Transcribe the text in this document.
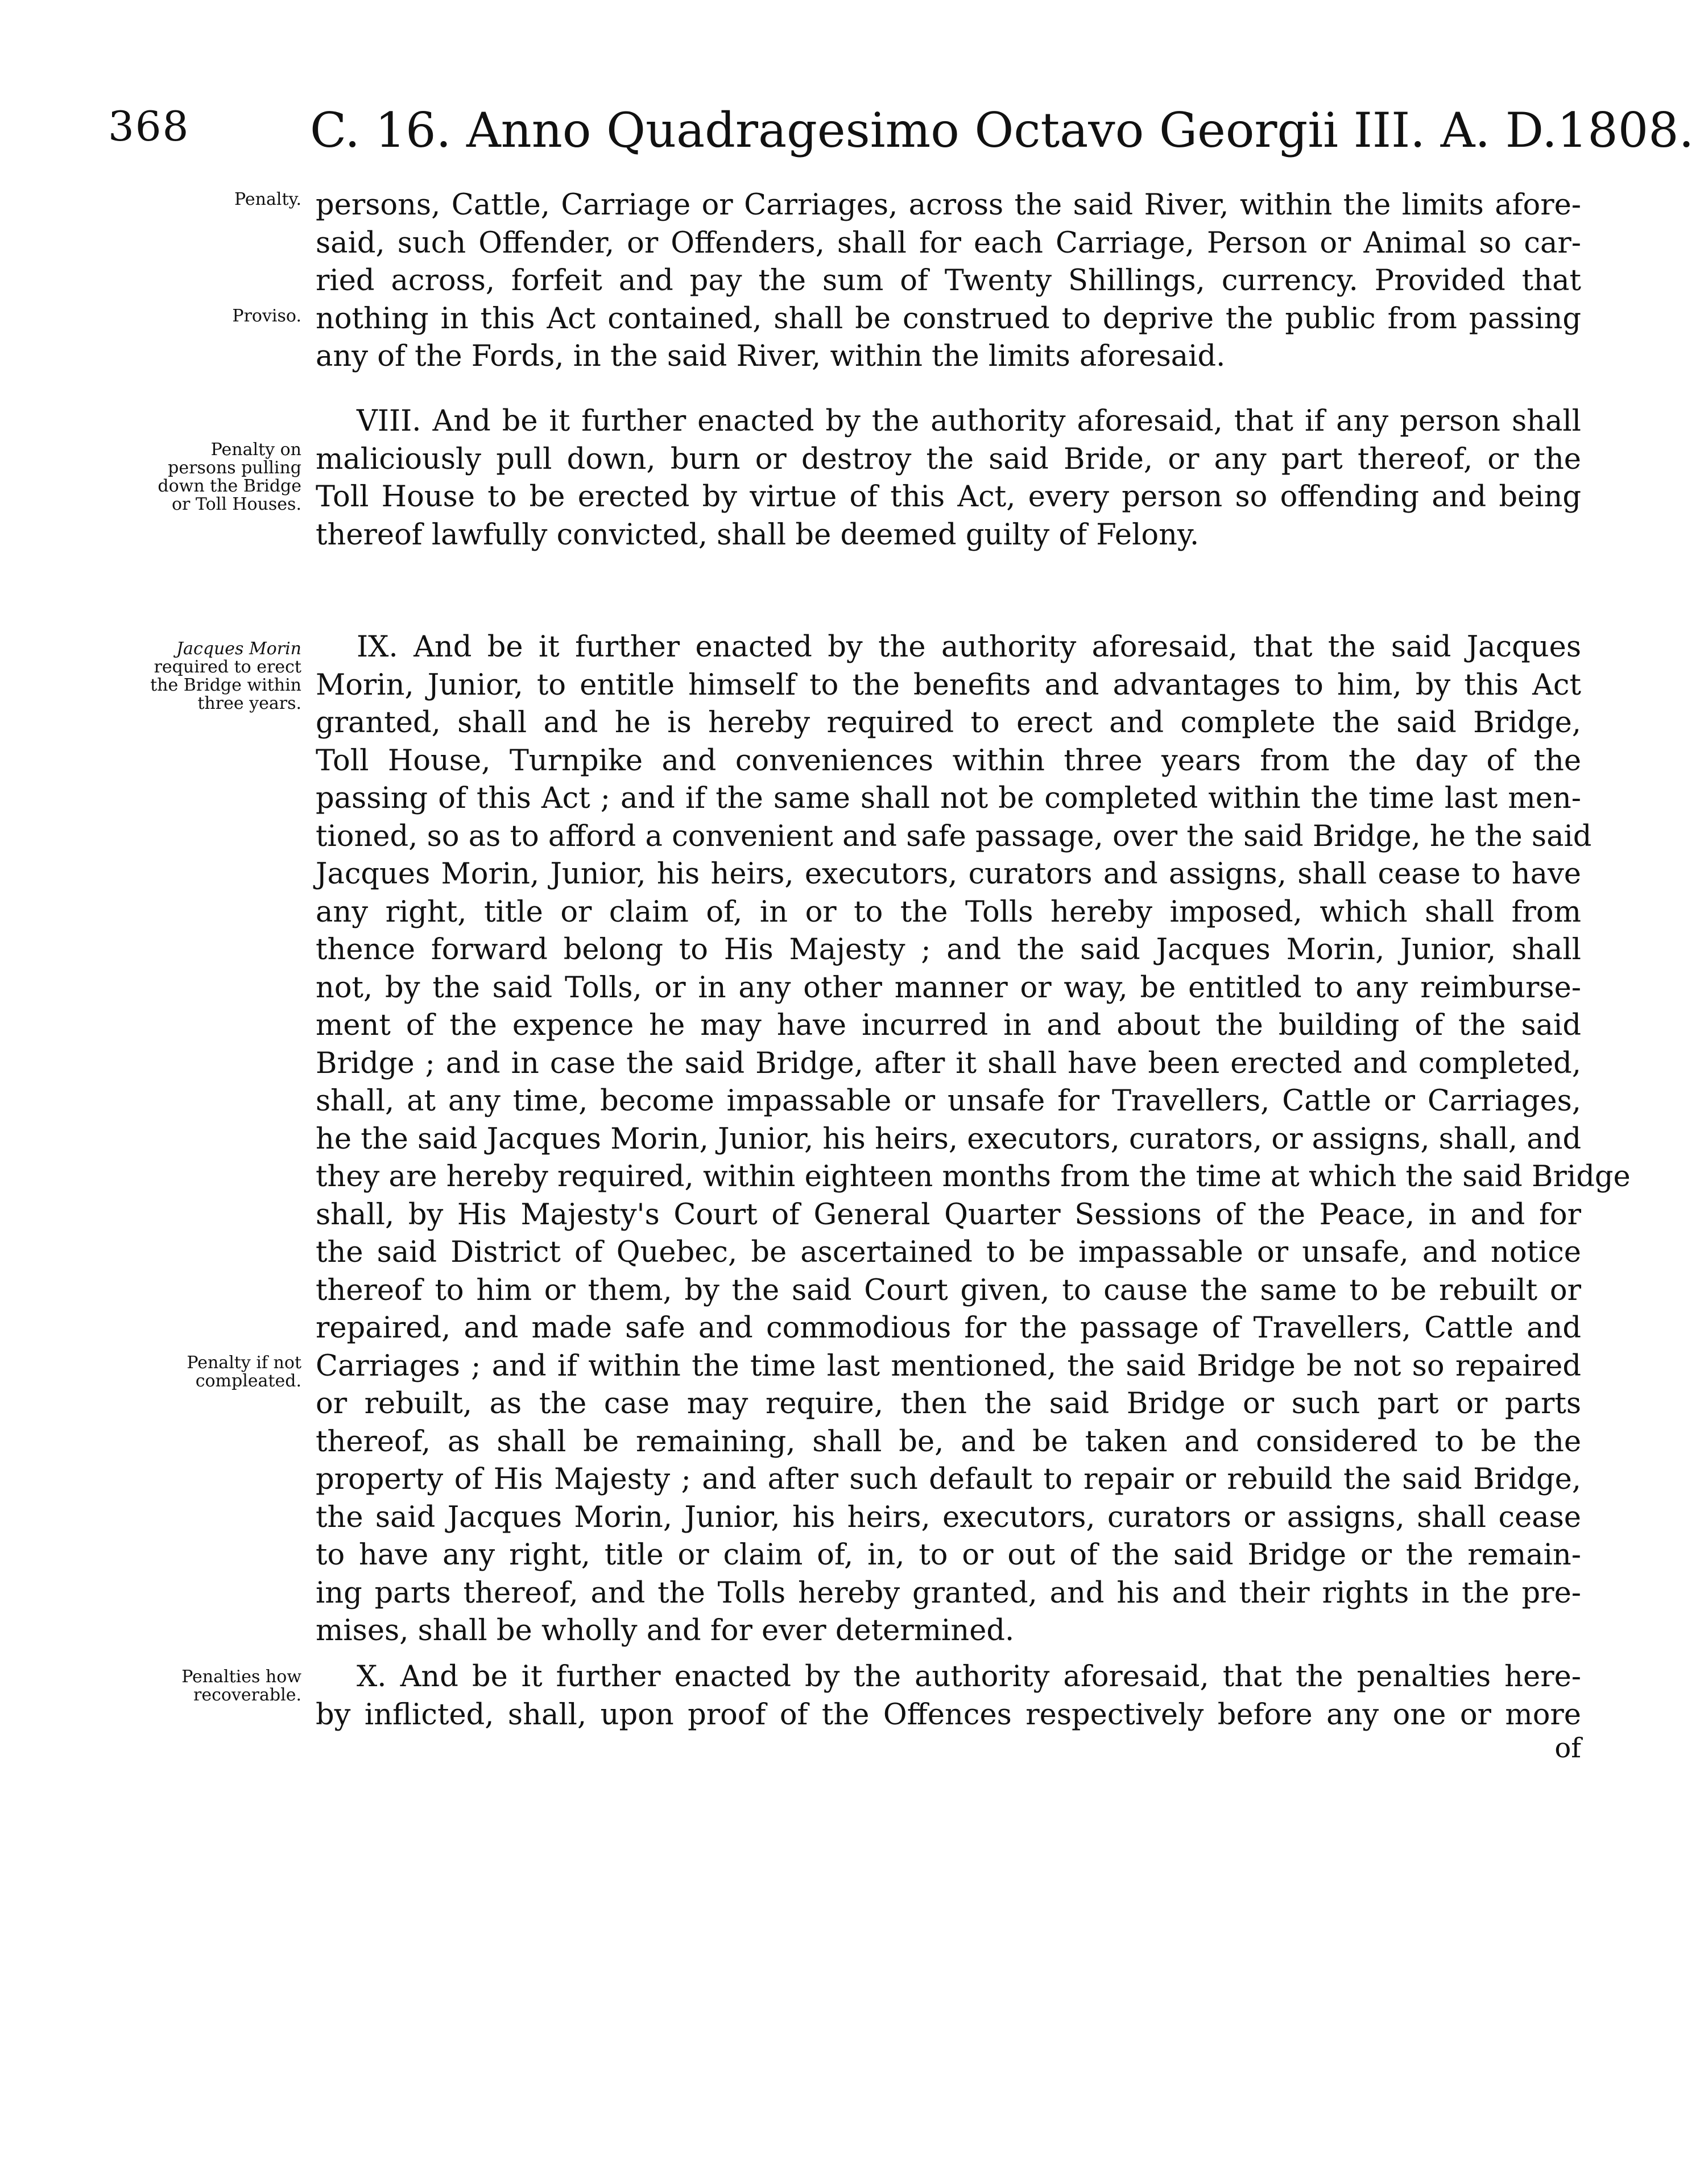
368	C. 16. Anno Quadragesimo Octavo Georgii III. A. D.1808.
Penalty.
Proviso.
Penalty on
persons pulling
down the Bridge
or Toll Houses.
Jacques Morin
required to erect
the Bridge within
three years.
Penalty if not
compleated.
Penalties how
recoverable.
persons, Cattle, Carriage or Carriages, across the said River, within the limits afore-
said, such Offender, or Offenders, shall for each Carriage, Person or Animal so car-
ried across, forfeit and pay the sum of Twenty Shillings, currency. Provided that
nothing in this Act contained, shall be construed to deprive the public from passing
any of the Fords, in the said River, within the limits aforesaid.
VIII. And be it further enacted by the authority aforesaid, that if any person shall
maliciously pull down, burn or destroy the said Bride, or any part thereof, or the
Toll House to be erected by virtue of this Act, every person so offending and being
thereof lawfully convicted, shall be deemed guilty of Felony.
IX. And be it further enacted by the authority aforesaid, that the said Jacques
Morin, Junior, to entitle himself to the benefits and advantages to him, by this Act
granted, shall and he is hereby required to erect and complete the said Bridge,
Toll House, Turnpike and conveniences within three years from the day of the
passing of this Act ; and if the same shall not be completed within the time last men-
tioned, so as to afford a convenient and safe passage, over the said Bridge, he the said
Jacques Morin, Junior, his heirs, executors, curators and assigns, shall cease to have
any right, title or claim of, in or to the Tolls hereby imposed, which shall from
thence forward belong to His Majesty ; and the said Jacques Morin, Junior, shall
not, by the said Tolls, or in any other manner or way, be entitled to any reimburse-
ment of the expence he may have incurred in and about the building of the said
Bridge ; and in case the said Bridge, after it shall have been erected and completed,
shall, at any time, become impassable or unsafe for Travellers, Cattle or Carriages,
he the said Jacques Morin, Junior, his heirs, executors, curators, or assigns, shall, and
they are hereby required, within eighteen months from the time at which the said Bridge
shall, by His Majesty's Court of General Quarter Sessions of the Peace, in and for
the said District of Quebec, be ascertained to be impassable or unsafe, and notice
thereof to him or them, by the said Court given, to cause the same to be rebuilt or
repaired, and made safe and commodious for the passage of Travellers, Cattle and
Carriages ; and if within the time last mentioned, the said Bridge be not so repaired
or rebuilt, as the case may require, then the said Bridge or such part or parts
thereof, as shall be remaining, shall be, and be taken and considered to be the
property of His Majesty ; and after such default to repair or rebuild the said Bridge,
the said Jacques Morin, Junior, his heirs, executors, curators or assigns, shall cease
to have any right, title or claim of, in, to or out of the said Bridge or the remain-
ing parts thereof, and the Tolls hereby granted, and his and their rights in the pre-
mises, shall be wholly and for ever determined.
X. And be it further enacted by the authority aforesaid, that the penalties here-
by inflicted, shall, upon proof of the Offences respectively before any one or more
of
